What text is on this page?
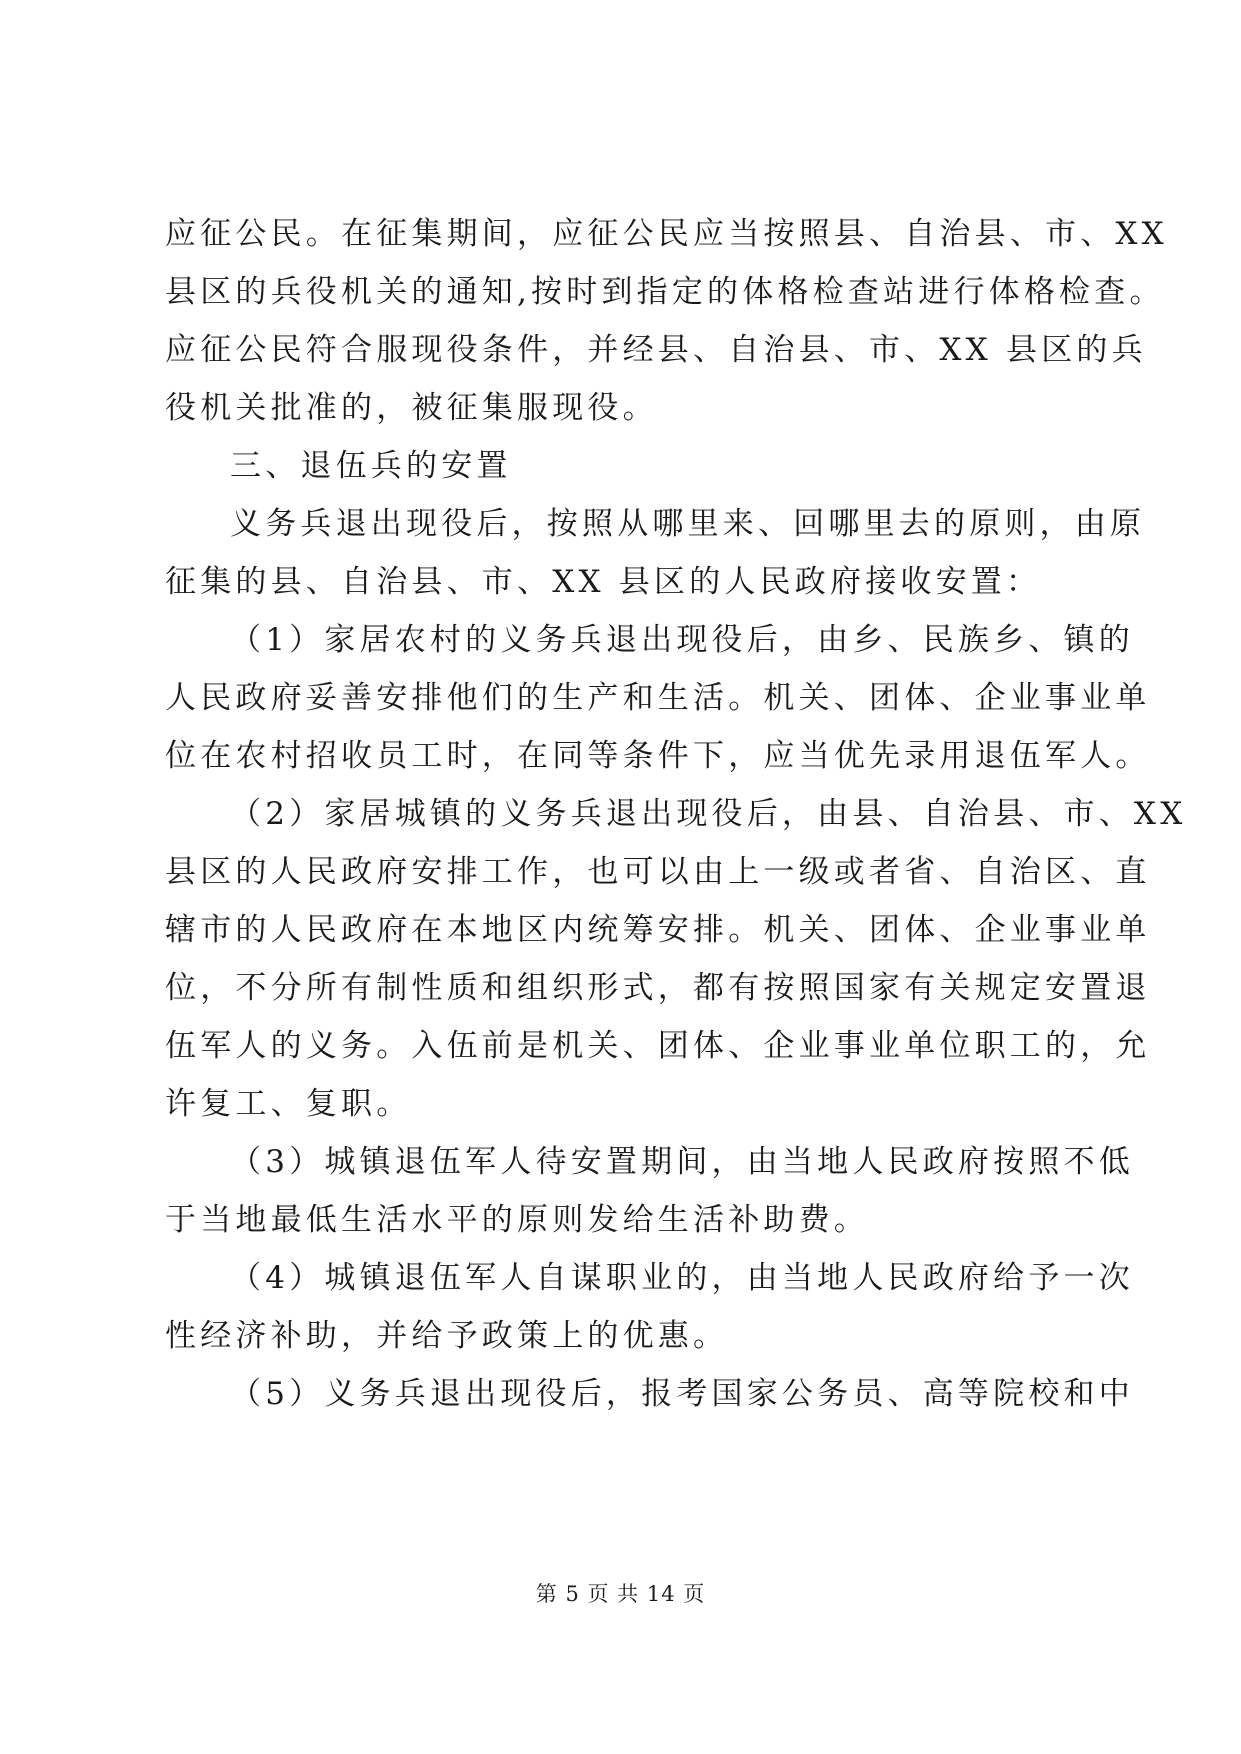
应征公民。在征集期间，应征公民应当按照县、自治县、市、XX
县区的兵役机关的通知,按时到指定的体格检查站进行体格检查。
应征公民符合服现役条件，并经县、自治县、市、XX 县区的兵
役机关批准的，被征集服现役。
三、退伍兵的安置
义务兵退出现役后，按照从哪里来、回哪里去的原则，由原
征集的县、自治县、市、XX 县区的人民政府接收安置：
（1）家居农村的义务兵退出现役后，由乡、民族乡、镇的
人民政府妥善安排他们的生产和生活。机关、团体、企业事业单
位在农村招收员工时，在同等条件下，应当优先录用退伍军人。
（2）家居城镇的义务兵退出现役后，由县、自治县、市、XX
县区的人民政府安排工作，也可以由上一级或者省、自治区、直
辖市的人民政府在本地区内统筹安排。机关、团体、企业事业单
位，不分所有制性质和组织形式，都有按照国家有关规定安置退
伍军人的义务。入伍前是机关、团体、企业事业单位职工的，允
许复工、复职。
（3）城镇退伍军人待安置期间，由当地人民政府按照不低
于当地最低生活水平的原则发给生活补助费。
（4）城镇退伍军人自谋职业的，由当地人民政府给予一次
性经济补助，并给予政策上的优惠。
（5）义务兵退出现役后，报考国家公务员、高等院校和中
第 5 页 共 14 页
